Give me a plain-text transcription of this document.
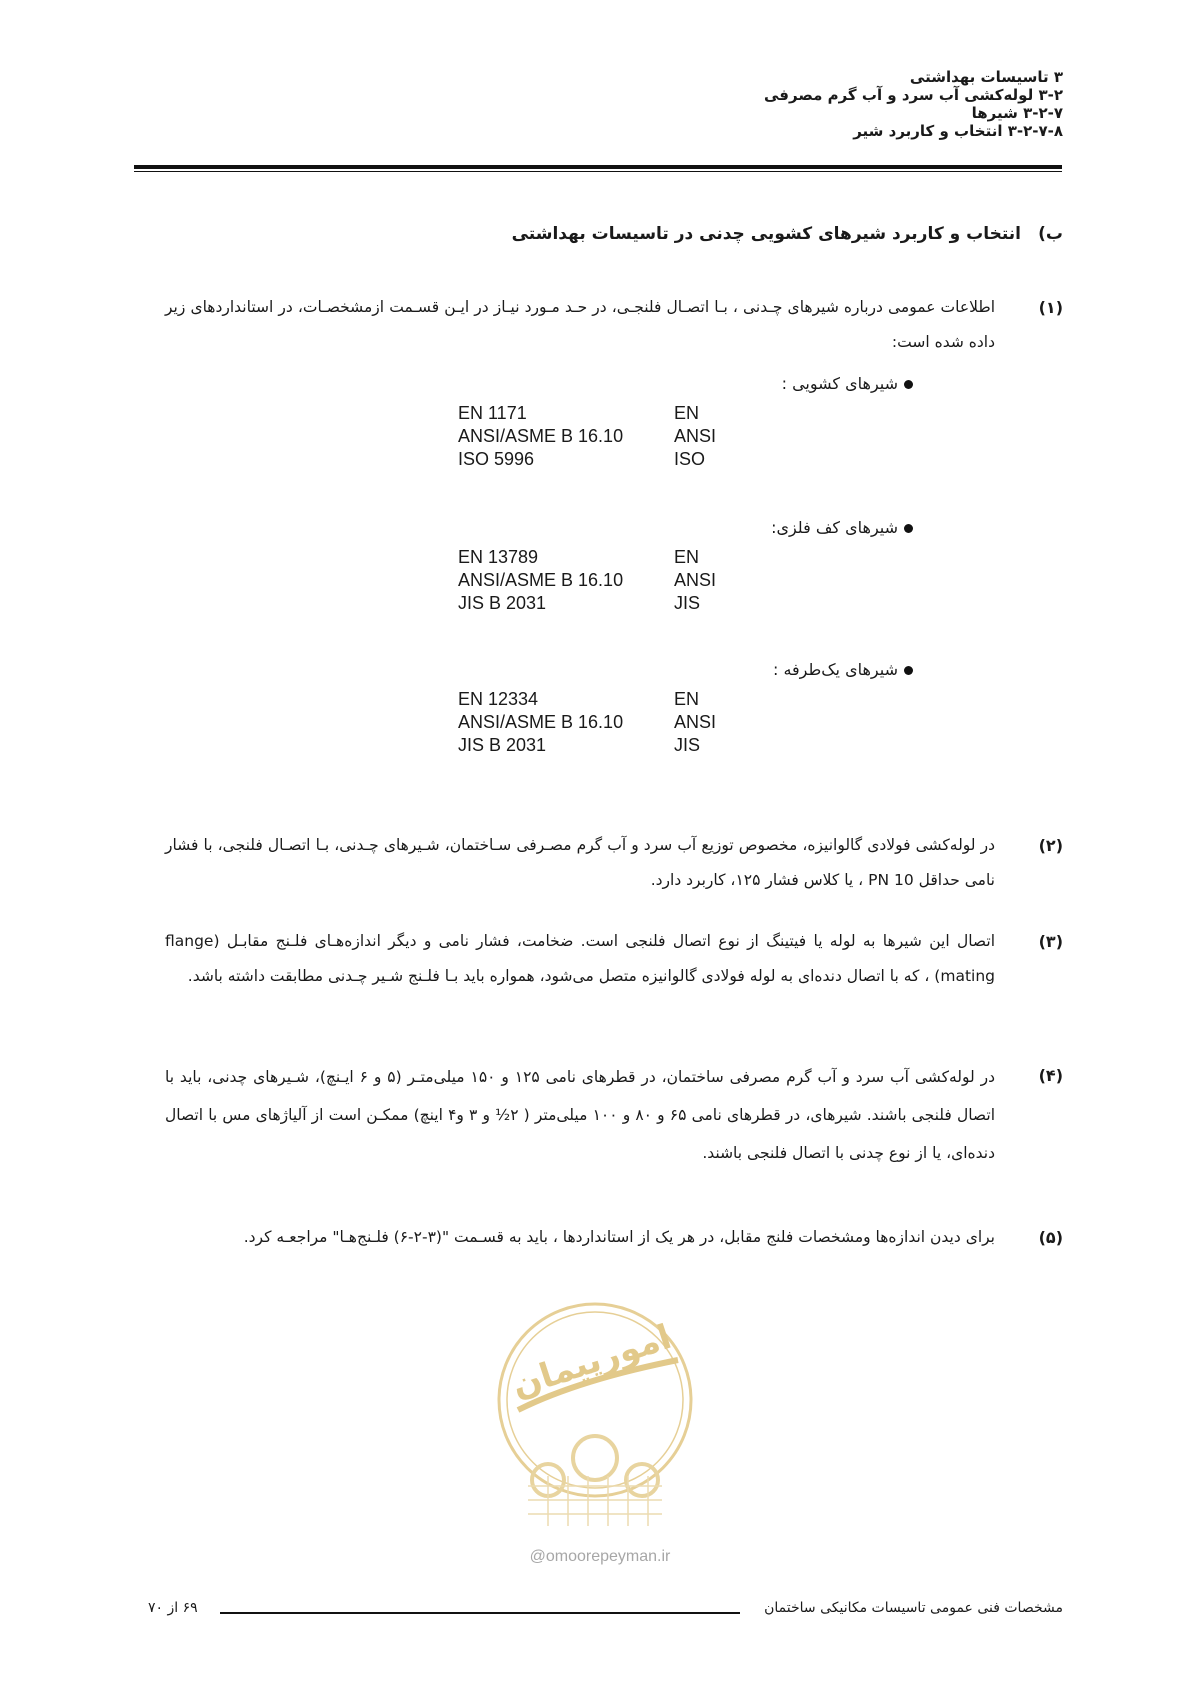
۳ تاسیسات بهداشتی
۳-۲ لوله‌کشی آب سرد و آب گرم مصرفی
۳-۲-۷ شیرها
۳-۲-۷-۸ انتخاب و کاربرد شیر
ب)انتخاب و کاربرد شیرهای کشویی چدنی در تاسیسات بهداشتی
(۱)
اطلاعات عمومی درباره شیرهای چـدنی ، بـا اتصـال فلنجـی، در حـد مـورد نیـاز در ایـن قسـمت ازمشخصـات، در استانداردهای زیر داده شده است:
شیرهای کشویی :
EN 1171
ANSI/ASME B 16.10
ISO 5996
EN
ANSI
ISO
شیرهای کف فلزی:
EN 13789
ANSI/ASME B 16.10
JIS B 2031
EN
ANSI
JIS
شیرهای یک‌طرفه :
EN 12334
ANSI/ASME B 16.10
JIS B 2031
EN
ANSI
JIS
(۲)
در لوله‌کشی فولادی گالوانیزه، مخصوص توزیع آب سرد و آب گرم مصـرفی سـاختمان، شـیرهای چـدنی، بـا اتصـال فلنجی، با فشار نامی حداقل PN 10 ، یا کلاس فشار ۱۲۵، کاربرد دارد.
(۳)
اتصال این شیرها به لوله یا فیتینگ از نوع اتصال فلنجی است. ضخامت، فشار نامی و دیگر اندازه‌هـای فلـنج مقابـل (flange mating) ، که با اتصال دنده‌ای به لوله فولادی گالوانیزه متصل می‌شود، همواره باید بـا فلـنج شـیر چـدنی مطابقت داشته باشد.
(۴)
در لوله‌کشی آب سرد و آب گرم مصرفی ساختمان، در قطرهای نامی ۱۲۵ و ۱۵۰ میلی‌متـر (۵ و ۶ ایـنچ)، شـیرهای چدنی، باید با اتصال فلنجی باشند. شیرهای، در قطرهای نامی ۶۵ و ۸۰ و ۱۰۰ میلی‌متر ( ۲½ و ۳ و۴ اینچ) ممکـن است از آلیاژهای مس با اتصال دنده‌ای، یا از نوع چدنی با اتصال فلنجی باشند.
(۵)
برای دیدن اندازه‌ها ومشخصات فلنج مقابل، در هر یک از استانداردها ، باید به قسـمت "(۳-۲-۶) فلـنج‌هـا" مراجعـه کرد.
امورپیمان
@omoorepeyman.ir
مشخصات فنی عمومی تاسیسات مکانیکی ساختمان
۶۹ از ۷۰
